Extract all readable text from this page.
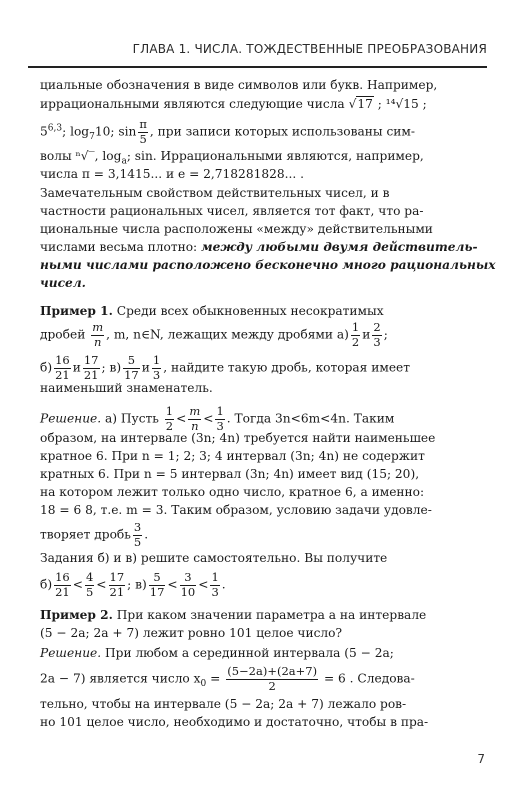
ГЛАВА 1. ЧИСЛА. ТОЖДЕСТВЕННЫЕ ПРЕОБРАЗОВАНИЯ
циальные обозначения в виде символов или букв. Например,
иррациональными являются следующие числа √17 ; ¹⁴√15 ;
5$^{6,3}$; $\log_710$; $\sin \frac{\pi}{5}$ , при записи которых использованы сим-
волы ⁿ√‾, $\log_a$; sin. Иррациональными являются, например,
числа π = 3,1415... и e = 2,718281828... .
Замечательным свойством действительных чисел, и в
частности рациональных чисел, является тот факт, что ра-
циональные числа расположены «между» действительными
числами весьма плотно: между любыми двумя действитель-
ными числами расположено бесконечно много рациональных
чисел.
Пример 1. Среди всех обыкновенных несократимых
дробей $\frac{m}{n}$ , m, n∈N, лежащих между дробями $а) \frac{1}{2}$ и $\frac{2}{3}$ ;
$б) \frac{16}{21}$ и $\frac{17}{21}$ ; $в) \frac{5}{17}$ и $\frac{1}{3}$ , найдите такую дробь, которая имеет
наименьший знаменатель.
Решение. а) Пусть $\frac{1}{2} < \frac{m}{n} < \frac{1}{3}$ . Тогда 3n<6m<4n. Таким
образом, на интервале (3n; 4n) требуется найти наименьшее
кратное 6. При n = 1; 2; 3; 4 интервал (3n; 4n) не содержит
кратных 6. При n = 5 интервал (3n; 4n) имеет вид (15; 20),
на котором лежит только одно число, кратное 6, а именно:
18 = 6 8, т.е. m = 3. Таким образом, условию задачи удовле-
творяет дробь $\frac{3}{5}$ .
Задания б) и в) решите самостоятельно. Вы получите
$б) \frac{16}{21} < \frac{4}{5} < \frac{17}{21}$ ; $в) \frac{5}{17} < \frac{3}{10} < \frac{1}{3}$ .
Пример 2. При каком значении параметра a на интервале
(5 − 2a; 2a + 7) лежит ровно 101 целое число?
Решение. При любом a серединной интервала (5 − 2a;
2a − 7) является число $x_0 = \frac{(5-2a)+(2a+7)}{2} = 6$ . Следова-
тельно, чтобы на интервале (5 − 2a; 2a + 7) лежало ров-
но 101 целое число, необходимо и достаточно, чтобы в пра-
7
